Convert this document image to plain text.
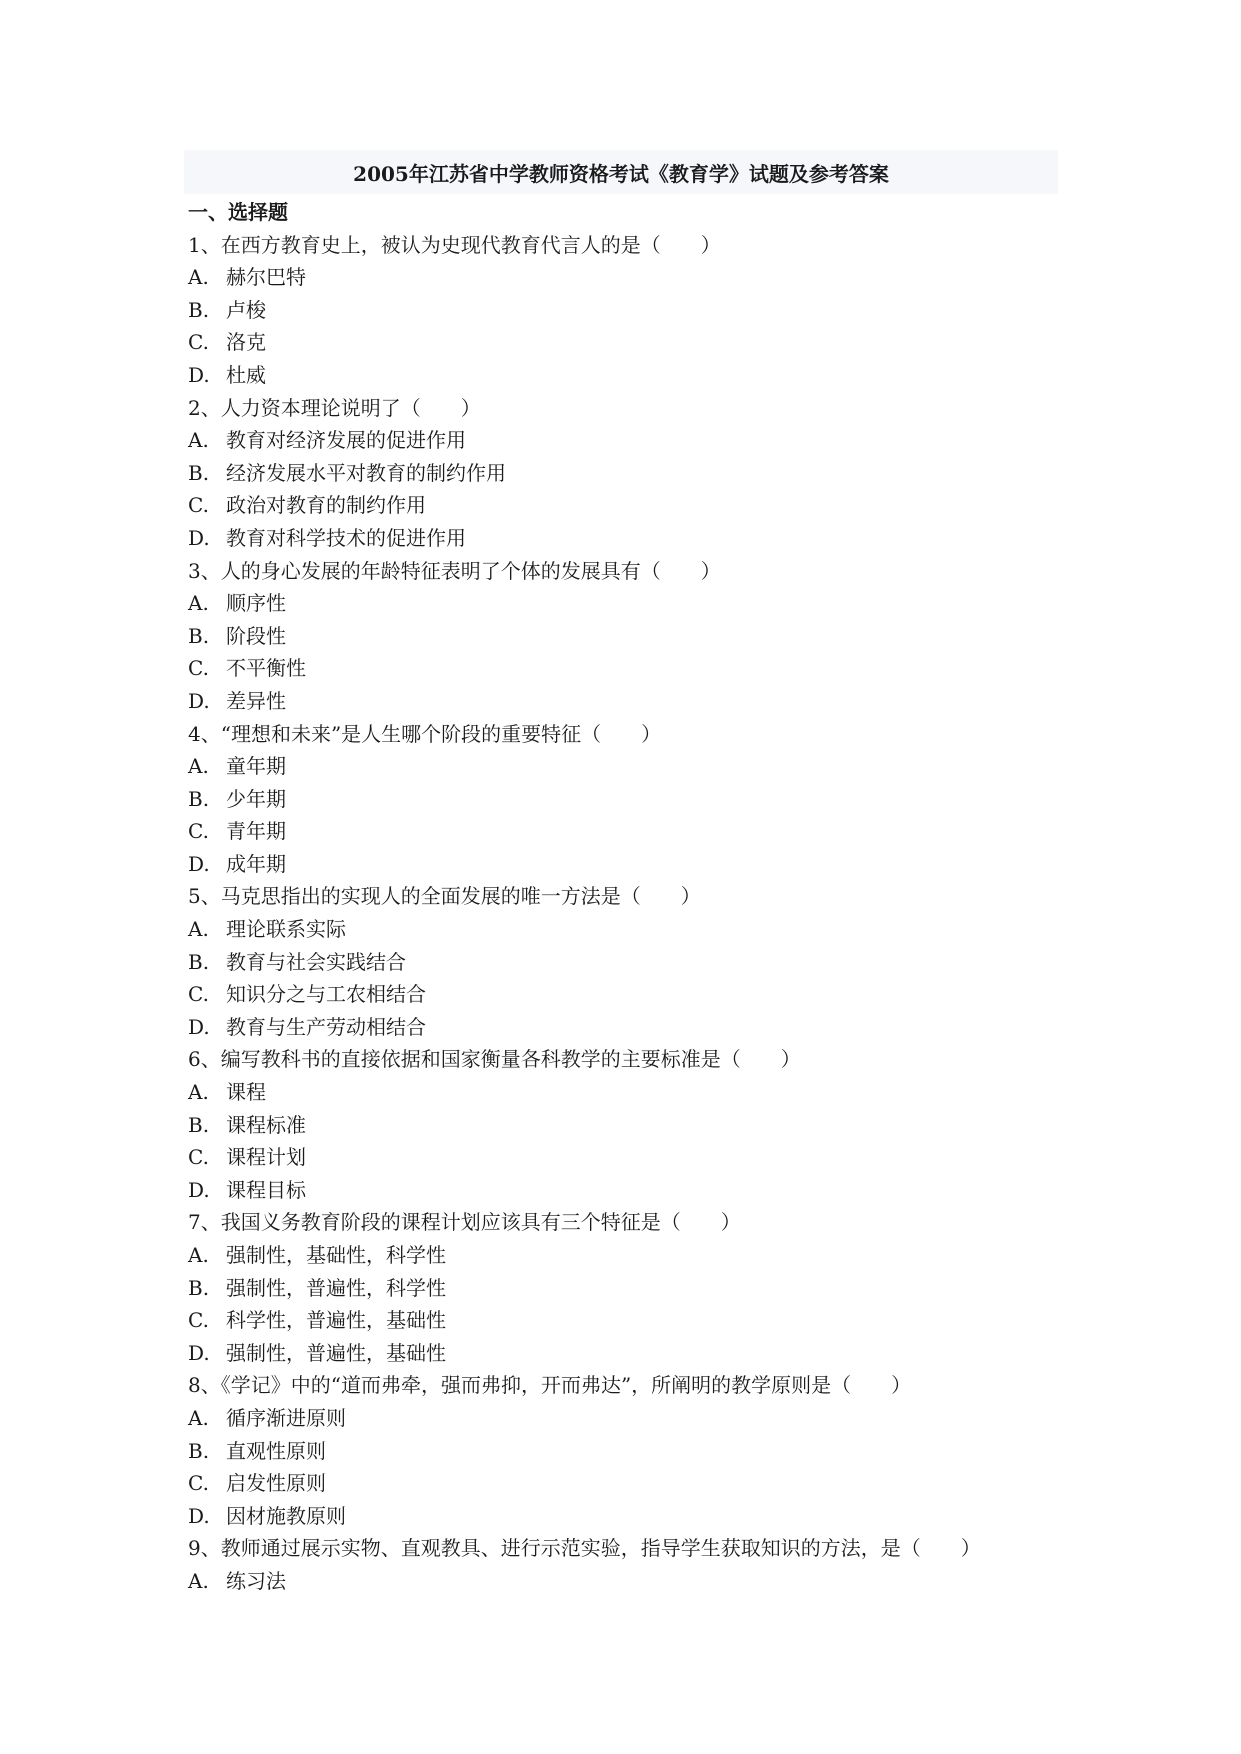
2005年江苏省中学教师资格考试《教育学》试题及参考答案
一、选择题
1、在西方教育史上，被认为史现代教育代言人的是（　　）
A. 赫尔巴特
B. 卢梭
C. 洛克
D. 杜威
2、人力资本理论说明了（　　）
A. 教育对经济发展的促进作用
B. 经济发展水平对教育的制约作用
C. 政治对教育的制约作用
D. 教育对科学技术的促进作用
3、人的身心发展的年龄特征表明了个体的发展具有（　　）
A. 顺序性
B. 阶段性
C. 不平衡性
D. 差异性
4、“理想和未来”是人生哪个阶段的重要特征（　　）
A. 童年期
B. 少年期
C. 青年期
D. 成年期
5、马克思指出的实现人的全面发展的唯一方法是（　　）
A. 理论联系实际
B. 教育与社会实践结合
C. 知识分之与工农相结合
D. 教育与生产劳动相结合
6、编写教科书的直接依据和国家衡量各科教学的主要标准是（　　）
A. 课程
B. 课程标准
C. 课程计划
D. 课程目标
7、我国义务教育阶段的课程计划应该具有三个特征是（　　）
A. 强制性，基础性，科学性
B. 强制性，普遍性，科学性
C. 科学性，普遍性，基础性
D. 强制性，普遍性，基础性
8、《学记》中的“道而弗牵，强而弗抑，开而弗达”，所阐明的教学原则是（　　）
A. 循序渐进原则
B. 直观性原则
C. 启发性原则
D. 因材施教原则
9、教师通过展示实物、直观教具、进行示范实验，指导学生获取知识的方法，是（　　）
A. 练习法
